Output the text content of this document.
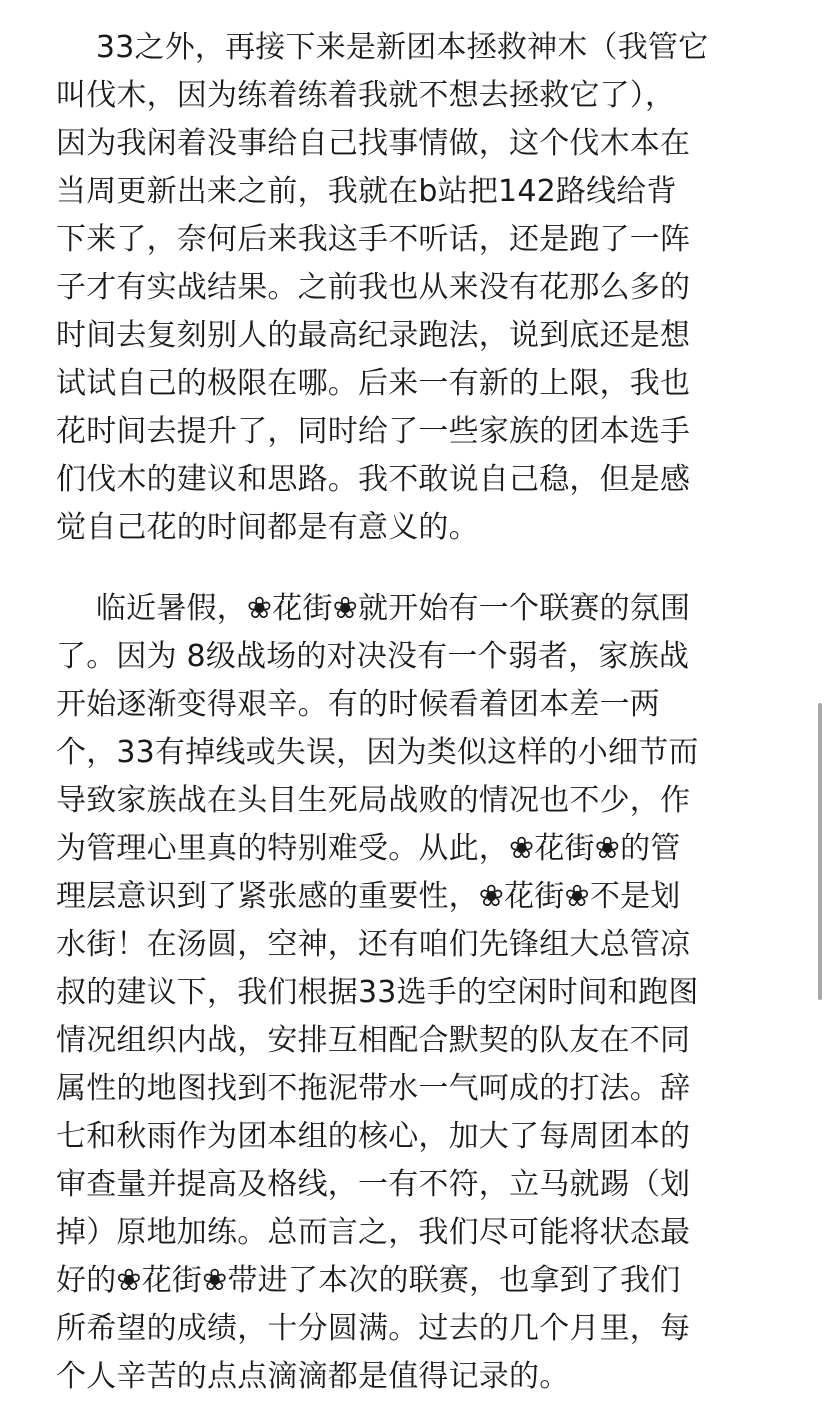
　 33之外，再接下来是新团本拯救神木（我管它
叫伐木，因为练着练着我就不想去拯救它了），
因为我闲着没事给自己找事情做，这个伐木本在
当周更新出来之前，我就在b站把142路线给背
下来了，奈何后来我这手不听话，还是跑了一阵
子才有实战结果。之前我也从来没有花那么多的
时间去复刻别人的最高纪录跑法，说到底还是想
试试自己的极限在哪。后来一有新的上限，我也
花时间去提升了，同时给了一些家族的团本选手
们伐木的建议和思路。我不敢说自己稳，但是感
觉自己花的时间都是有意义的。
　 临近暑假，❀花街❀就开始有一个联赛的氛围
了。因为 8级战场的对决没有一个弱者，家族战
开始逐渐变得艰辛。有的时候看着团本差一两
个，33有掉线或失误，因为类似这样的小细节而
导致家族战在头目生死局战败的情况也不少，作
为管理心里真的特别难受。从此，❀花街❀的管
理层意识到了紧张感的重要性，❀花街❀不是划
水街！在汤圆，空神，还有咱们先锋组大总管凉
叔的建议下，我们根据33选手的空闲时间和跑图
情况组织内战，安排互相配合默契的队友在不同
属性的地图找到不拖泥带水一气呵成的打法。辞
七和秋雨作为团本组的核心，加大了每周团本的
审查量并提高及格线，一有不符，立马就踢（划
掉）原地加练。总而言之，我们尽可能将状态最
好的❀花街❀带进了本次的联赛，也拿到了我们
所希望的成绩，十分圆满。过去的几个月里，每
个人辛苦的点点滴滴都是值得记录的。
